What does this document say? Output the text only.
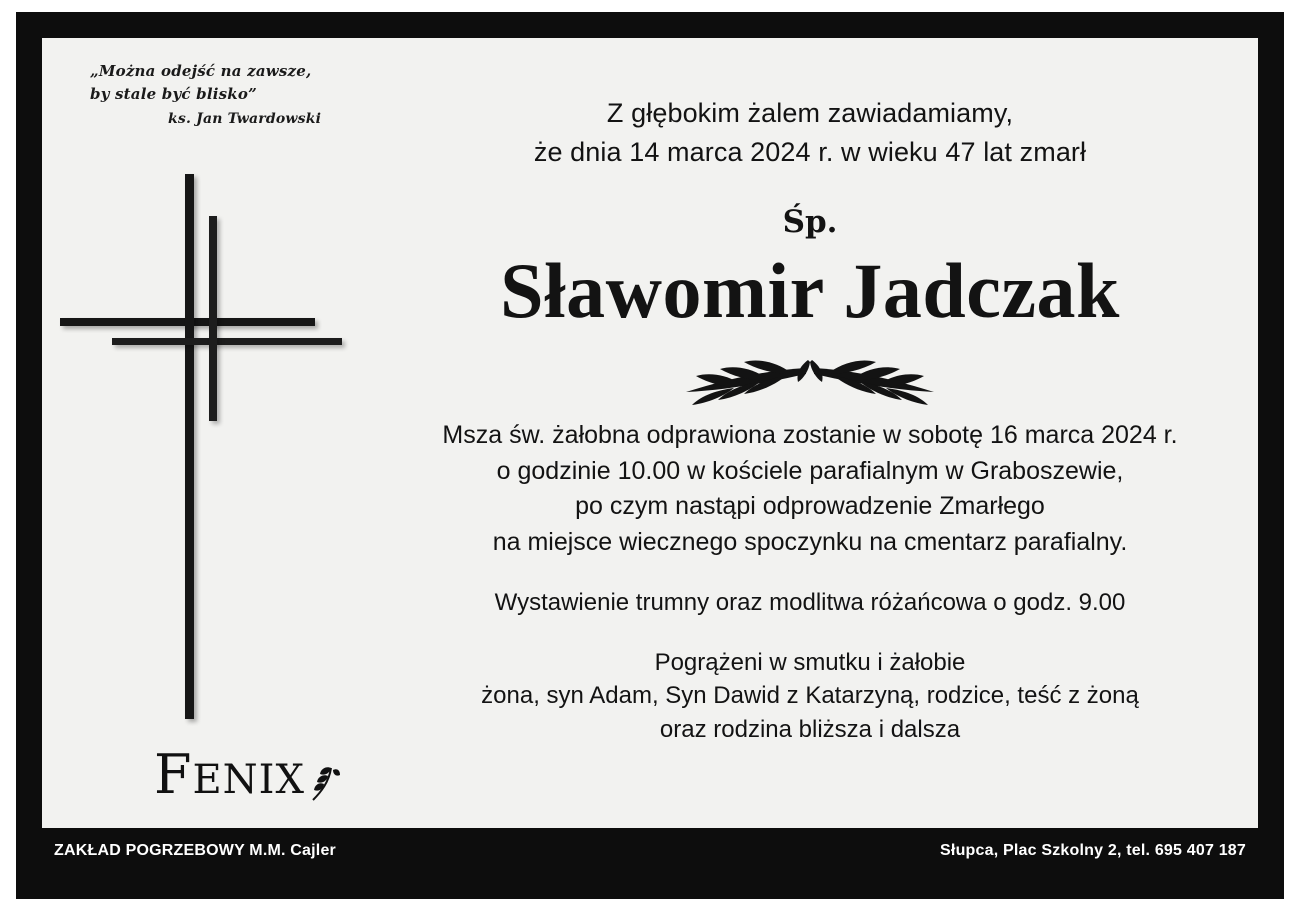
„Można odejść na zawsze,
by stale być blisko”
ks. Jan Twardowski
FENIX
Z głębokim żalem zawiadamiamy,
że dnia 14 marca 2024 r. w wieku 47 lat zmarł
Śp.
Sławomir Jadczak
Msza św. żałobna odprawiona zostanie w sobotę 16 marca 2024 r.
o godzinie 10.00 w kościele parafialnym w Graboszewie,
po czym nastąpi odprowadzenie Zmarłego
na miejsce wiecznego spoczynku na cmentarz parafialny.
Wystawienie trumny oraz modlitwa różańcowa o godz. 9.00
Pogrążeni w smutku i żałobie
żona, syn Adam, Syn Dawid z Katarzyną, rodzice, teść z żoną
oraz rodzina bliższa i dalsza
ZAKŁAD POGRZEBOWY M.M. Cajler	Słupca, Plac Szkolny 2, tel. 695 407 187
